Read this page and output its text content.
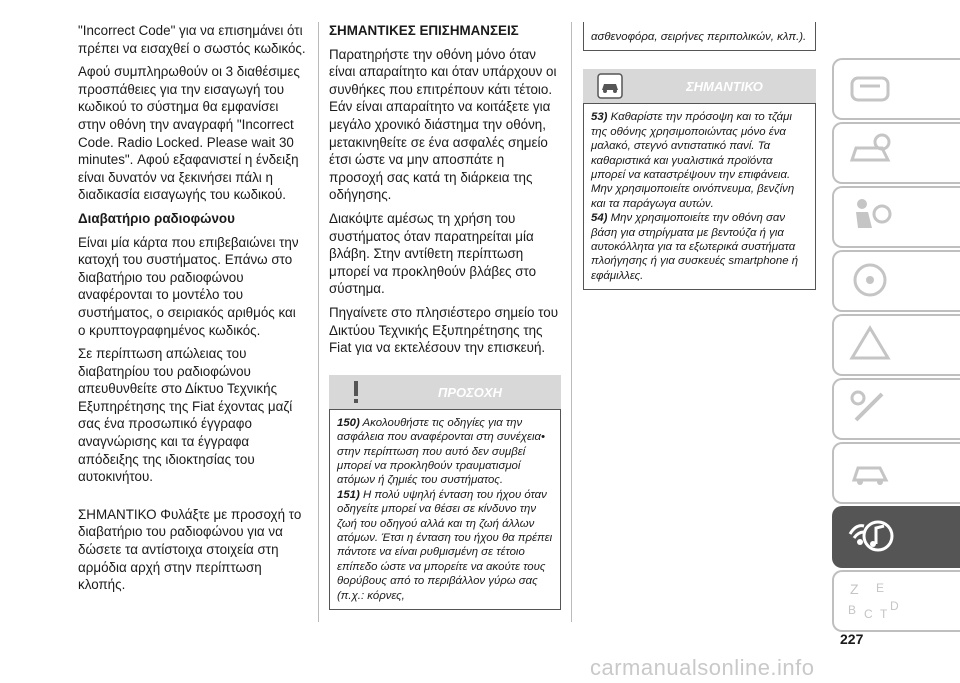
"Incorrect Code" για να επισημάνει ότι πρέπει να εισαχθεί ο σωστός κωδικός.

Αφού συμπληρωθούν οι 3 διαθέσιμες προσπάθειες για την εισαγωγή του κωδικού το σύστημα θα εμφανίσει στην οθόνη την αναγραφή "Incorrect Code. Radio Locked. Please wait 30 minutes". Αφού εξαφανιστεί η ένδειξη είναι δυνατόν να ξεκινήσει πάλι η διαδικασία εισαγωγής του κωδικού.

Διαβατήριο ραδιοφώνου

Είναι μία κάρτα που επιβεβαιώνει την κατοχή του συστήματος. Επάνω στο διαβατήριο του ραδιοφώνου αναφέρονται το μοντέλο του συστήματος, ο σειριακός αριθμός και ο κρυπτογραφημένος κωδικός.

Σε περίπτωση απώλειας του διαβατηρίου του ραδιοφώνου απευθυνθείτε στο Δίκτυο Τεχνικής Εξυπηρέτησης της Fiat έχοντας μαζί σας ένα προσωπικό έγγραφο αναγνώρισης και τα έγγραφα απόδειξης της ιδιοκτησίας του αυτοκινήτου.

ΣΗΜΑΝΤΙΚΟ Φυλάξτε με προσοχή το διαβατήριο του ραδιοφώνου για να δώσετε τα αντίστοιχα στοιχεία στη αρμόδια αρχή στην περίπτωση κλοπής.

ΣΗΜΑΝΤΙΚΕΣ ΕΠΙΣΗΜΑΝΣΕΙΣ

Παρατηρήστε την οθόνη μόνο όταν είναι απαραίτητο και όταν υπάρχουν οι συνθήκες που επιτρέπουν κάτι τέτοιο. Εάν είναι απαραίτητο να κοιτάξετε για μεγάλο χρονικό διάστημα την οθόνη, μετακινηθείτε σε ένα ασφαλές σημείο έτσι ώστε να μην αποσπάτε η προσοχή σας κατά τη διάρκεια της οδήγησης.

Διακόψτε αμέσως τη χρήση του συστήματος όταν παρατηρείται μία βλάβη. Στην αντίθετη περίπτωση μπορεί να προκληθούν βλάβες στο σύστημα.

Πηγαίνετε στο πλησιέστερο σημείο του Δικτύου Τεχνικής Εξυπηρέτησης της Fiat για να εκτελέσουν την επισκευή.

ΠΡΟΣΟΧΗ

150) Ακολουθήστε τις οδηγίες για την ασφάλεια που αναφέρονται στη συνέχεια• στην περίπτωση που αυτό δεν συμβεί μπορεί να προκληθούν τραυματισμοί ατόμων ή ζημιές του συστήματος.

151) Η πολύ υψηλή ένταση του ήχου όταν οδηγείτε μπορεί να θέσει σε κίνδυνο την ζωή του οδηγού αλλά και τη ζωή άλλων ατόμων. Έτσι η ένταση του ήχου θα πρέπει πάντοτε να είναι ρυθμισμένη σε τέτοιο επίπεδο ώστε να μπορείτε να ακούτε τους θορύβους από το περιβάλλον γύρω σας (π.χ.: κόρνες,

ασθενοφόρα, σειρήνες περιπολικών, κλπ.).

ΣΗΜΑΝΤΙΚΟ

53) Καθαρίστε την πρόσοψη και το τζάμι της οθόνης χρησιμοποιώντας μόνο ένα μαλακό, στεγνό αντιστατικό πανί. Τα καθαριστικά και γυαλιστικά προϊόντα μπορεί να καταστρέψουν την επιφάνεια. Μην χρησιμοποιείτε οινόπνευμα, βενζίνη και τα παράγωγα αυτών.

54) Μην χρησιμοποιείτε την οθόνη σαν βάση για στηρίγματα με βεντούζα ή για αυτοκόλλητα για τα εξωτερικά συστήματα πλοήγησης ή για συσκευές smartphone ή εφάμιλλες.

Z E
B C T
D
227
carmanualsonline.info
